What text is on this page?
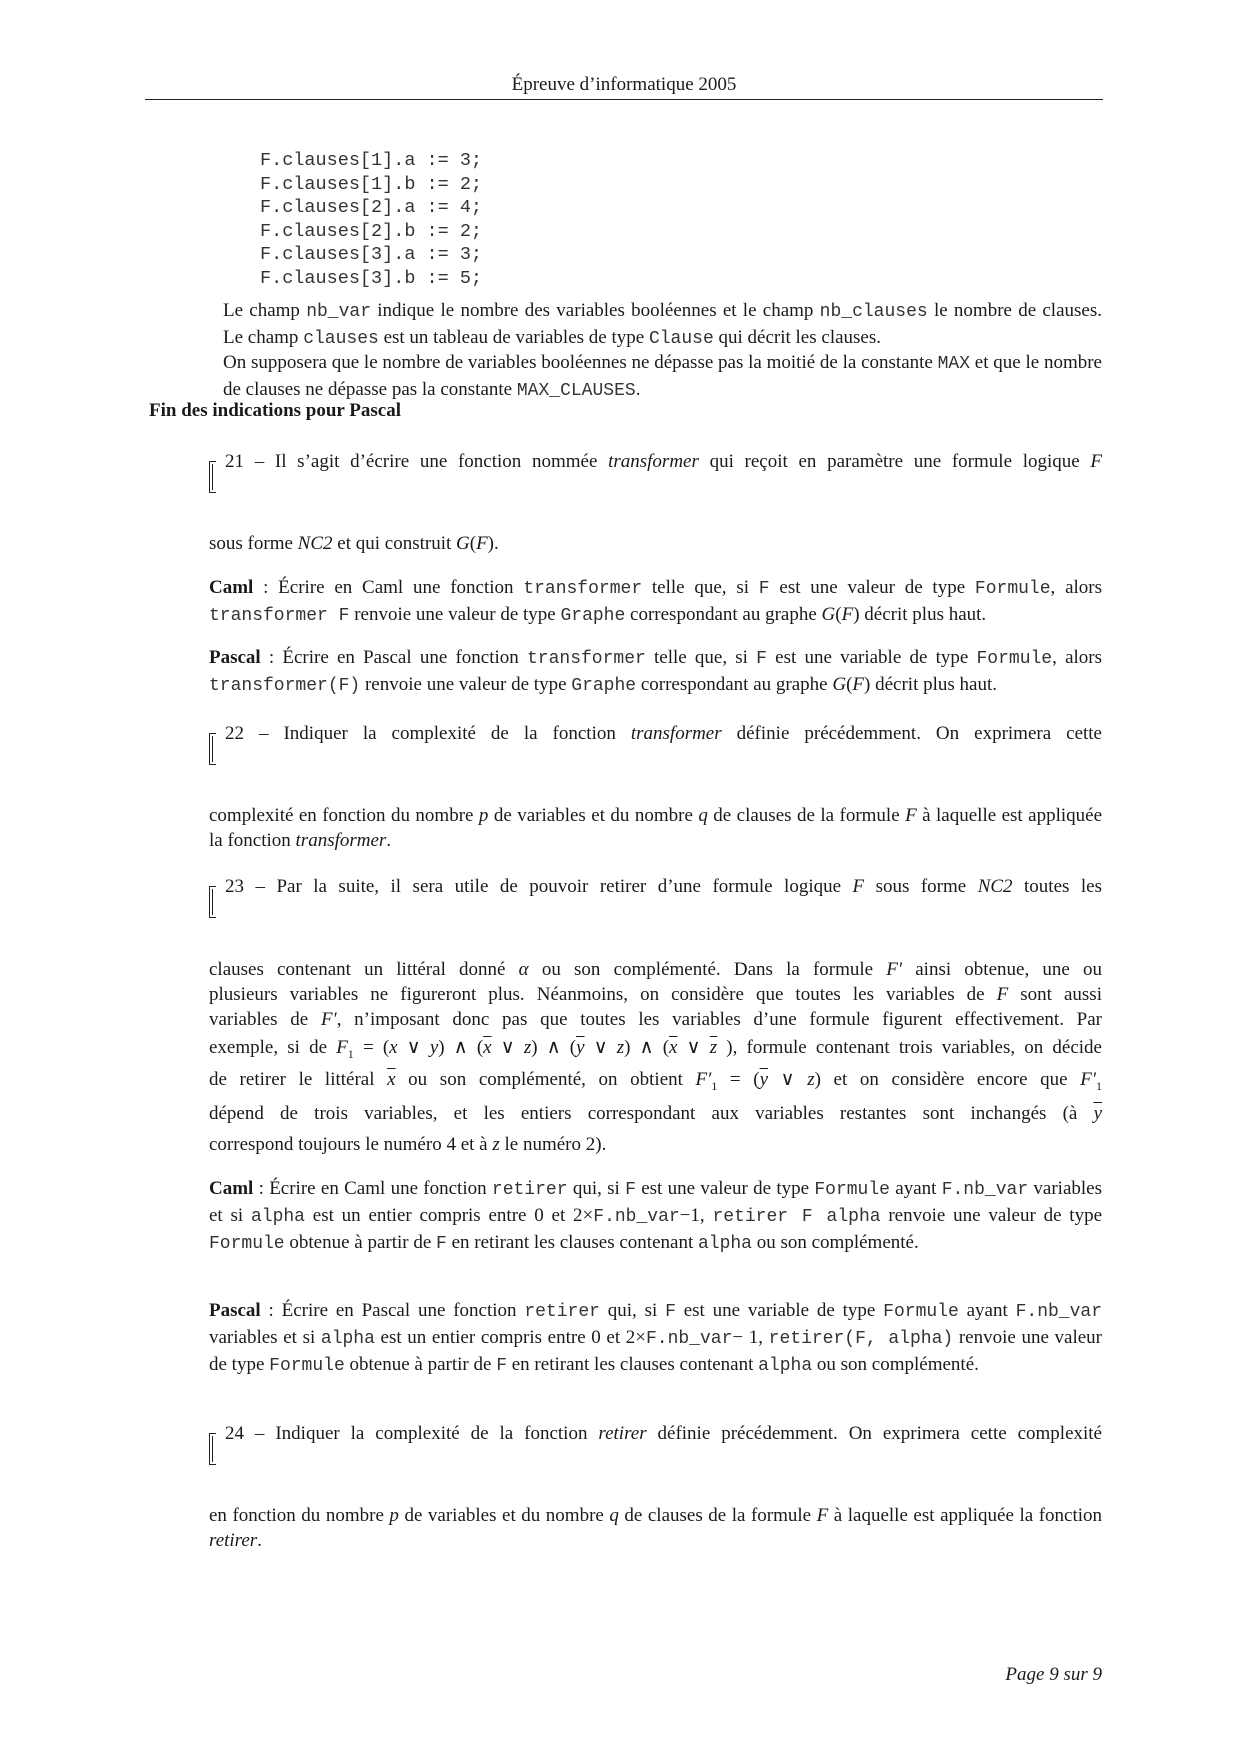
Épreuve d’informatique 2005
F.clauses[1].a := 3;
F.clauses[1].b := 2;
F.clauses[2].a := 4;
F.clauses[2].b := 2;
F.clauses[3].a := 3;
F.clauses[3].b := 5;
Le champ nb_var indique le nombre des variables booléennes et le champ nb_clauses le nombre de clauses. Le champ clauses est un tableau de variables de type Clause qui décrit les clauses.
On supposera que le nombre de variables booléennes ne dépasse pas la moitié de la constante MAX et que le nombre de clauses ne dépasse pas la constante MAX_CLAUSES.
Fin des indications pour Pascal
21 – Il s’agit d’écrire une fonction nommée transformer qui reçoit en paramètre une formule logique F
sous forme NC2 et qui construit G(F).
Caml : Écrire en Caml une fonction transformer telle que, si F est une valeur de type Formule, alors transformer F renvoie une valeur de type Graphe correspondant au graphe G(F) décrit plus haut.
Pascal : Écrire en Pascal une fonction transformer telle que, si F est une variable de type Formule, alors transformer(F) renvoie une valeur de type Graphe correspondant au graphe G(F) décrit plus haut.
22 – Indiquer la complexité de la fonction transformer définie précédemment. On exprimera cette
complexité en fonction du nombre p de variables et du nombre q de clauses de la formule F à laquelle est appliquée la fonction transformer.
23 – Par la suite, il sera utile de pouvoir retirer d’une formule logique F sous forme NC2 toutes les
clauses contenant un littéral donné α ou son complémenté. Dans la formule F′ ainsi obtenue, une ou
plusieurs variables ne figureront plus. Néanmoins, on considère que toutes les variables de F sont aussi
variables de F′, n’imposant donc pas que toutes les variables d’une formule figurent effectivement. Par
exemple, si de $F_1 = (x$ ∨ y) ∧ ($\overline{x}$ ∨ z) ∧ ($\overline{y}$ ∨ z) ∧ ($\overline{x}$ ∨ $\overline{z}$ ), formule contenant trois variables, on décide
de retirer le littéral $\overline{x}$ ou son complémenté, on obtient $F'_1 = (\overline{y}$ ∨ z) et on considère encore que $F'_1$
dépend de trois variables, et les entiers correspondant aux variables restantes sont inchangés (à $\overline{y}$
correspond toujours le numéro 4 et à z le numéro 2).
Caml : Écrire en Caml une fonction retirer qui, si F est une valeur de type Formule ayant F.nb_var variables et si alpha est un entier compris entre 0 et 2×F.nb_var−1, retirer F alpha renvoie une valeur de type Formule obtenue à partir de F en retirant les clauses contenant alpha ou son complémenté.
Pascal : Écrire en Pascal une fonction retirer qui, si F est une variable de type Formule ayant F.nb_var variables et si alpha est un entier compris entre 0 et 2×F.nb_var− 1, retirer(F, alpha) renvoie une valeur de type Formule obtenue à partir de F en retirant les clauses contenant alpha ou son complémenté.
24 – Indiquer la complexité de la fonction retirer définie précédemment. On exprimera cette complexité
en fonction du nombre p de variables et du nombre q de clauses de la formule F à laquelle est appliquée la fonction retirer.
Page 9 sur 9
